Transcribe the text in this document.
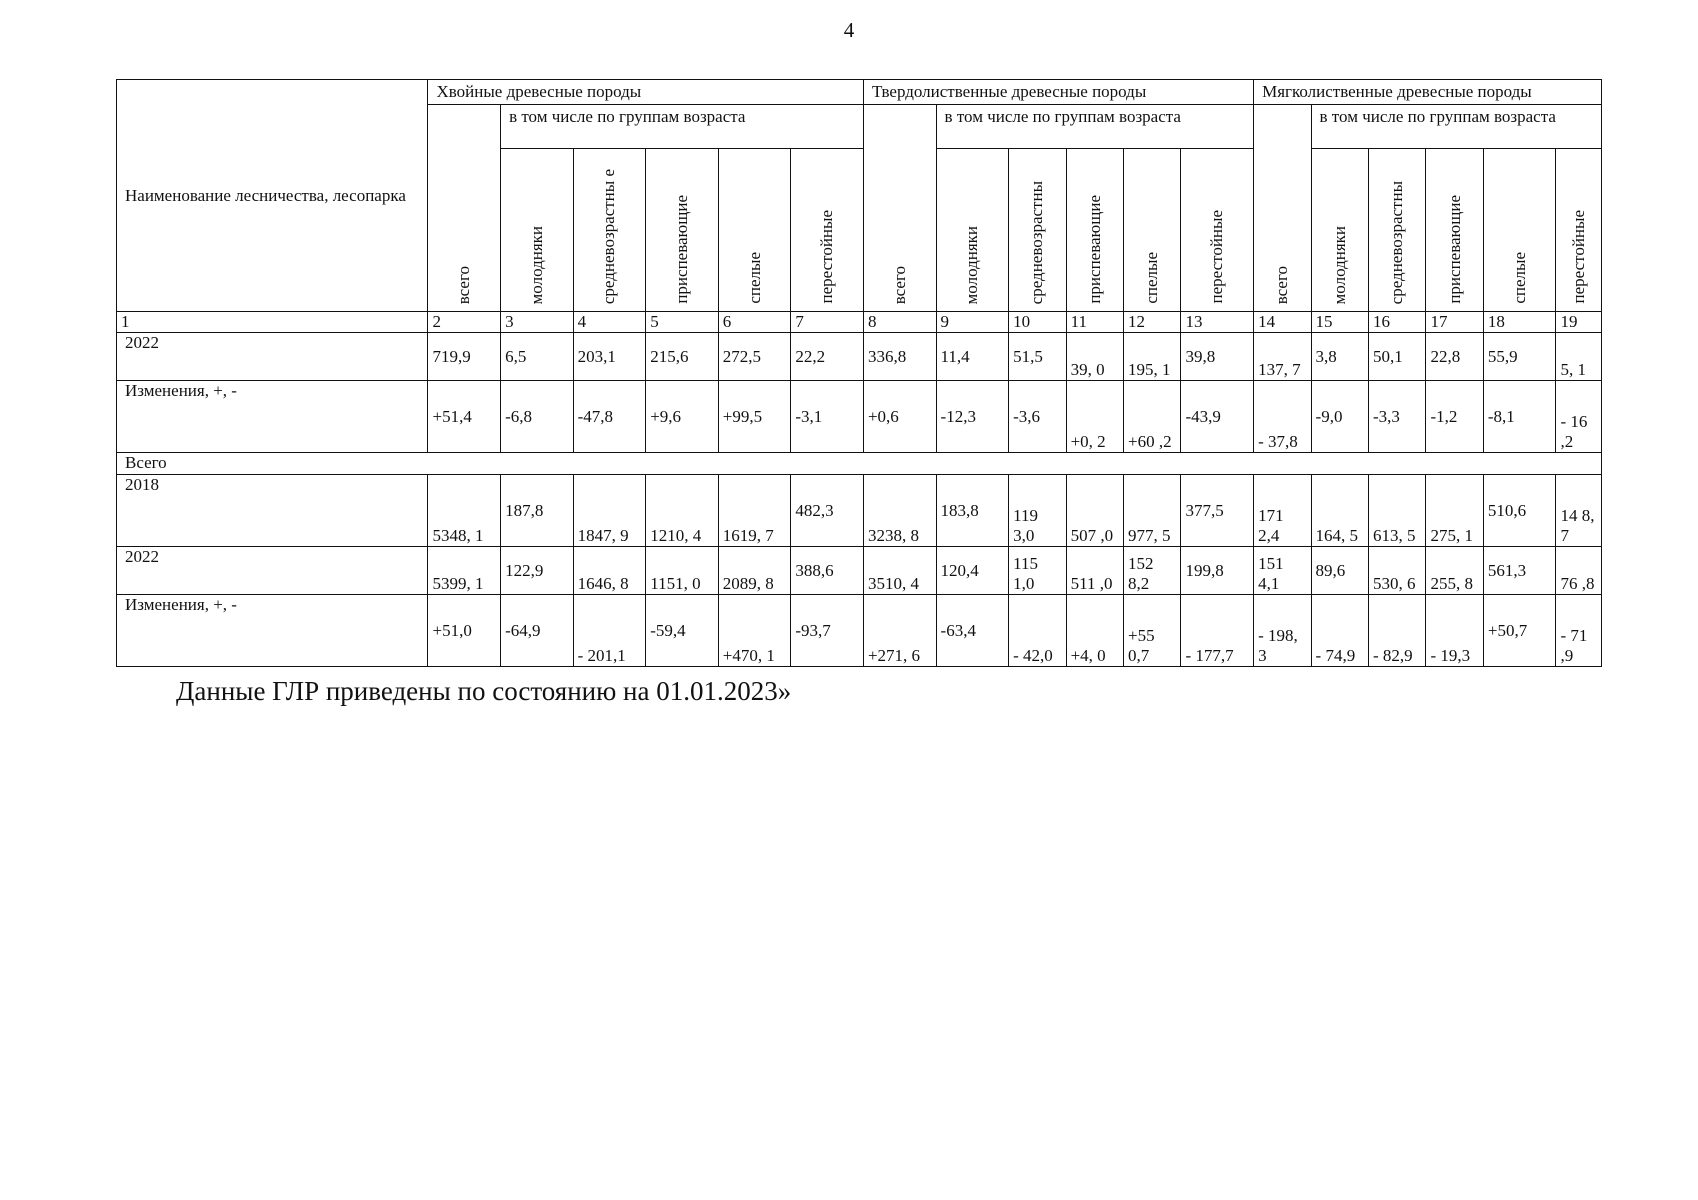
4
Наименование лесничества, лесопарка	Хвойные древесные породы						Твердолиственные древесные породы						Мягколиственные древесные породы					
	всего	в том числе по группам возраста					всего	в том числе по группам возраста					всего	в том числе по группам возраста				
		молодняки	средневозрастны е	приспевающие	спелые	перестойные		молодняки	средневозрастны	приспевающие	спелые	перестойные		молодняки	средневозрастны	приспевающие	спелые	перестойные
1	2	3	4	5	6	7	8	9	10	11	12	13	14	15	16	17	18	19
2022	719,9	6,5	203,1	215,6	272,5	22,2	336,8	11,4	51,5	39, 0	195, 1	39,8	137, 7	3,8	50,1	22,8	55,9	5, 1
Изменения, +, -	+51,4	-6,8	-47,8	+9,6	+99,5	-3,1	+0,6	-12,3	-3,6	+0, 2	+60 ,2	-43,9	- 37,8	-9,0	-3,3	-1,2	-8,1	- 16 ,2
Всего																		
2018	5348, 1	187,8	1847, 9	1210, 4	1619, 7	482,3	3238, 8	183,8	119 3,0	507 ,0	977, 5	377,5	171 2,4	164, 5	613, 5	275, 1	510,6	14 8, 7
2022	5399, 1	122,9	1646, 8	1151, 0	2089, 8	388,6	3510, 4	120,4	115 1,0	511 ,0	152 8,2	199,8	151 4,1	89,6	530, 6	255, 8	561,3	76 ,8
Изменения, +, -	+51,0	-64,9	- 201,1	-59,4	+470, 1	-93,7	+271, 6	-63,4	- 42,0	+4, 0	+55 0,7	- 177,7	- 198, 3	- 74,9	- 82,9	- 19,3	+50,7	- 71 ,9
Данные ГЛР приведены по состоянию на 01.01.2023»
